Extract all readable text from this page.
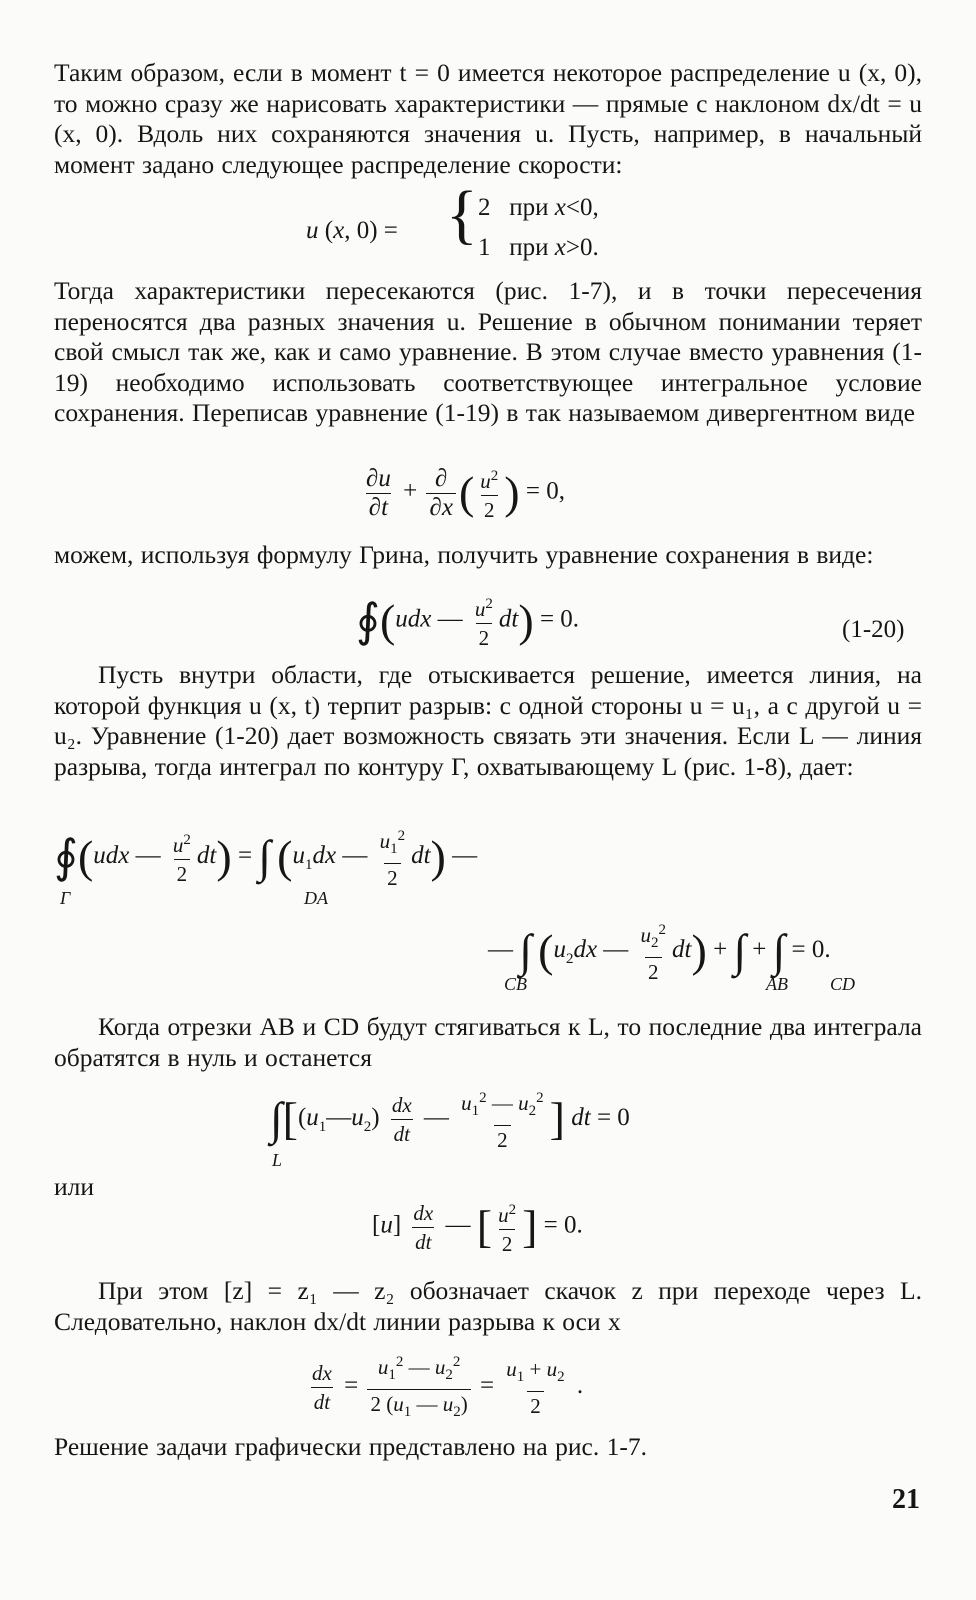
Таким образом, если в момент t = 0 имеется некоторое распределение u (x, 0), то можно сразу же нарисовать характеристики — прямые с наклоном dx/dt = u (x, 0). Вдоль них сохраняются значения u. Пусть, например, в начальный момент задано следующее распределение скорости:
u (x, 0) = { 2   при x<0,
1   при x>0.
Тогда характеристики пересекаются (рис. 1-7), и в точки пересечения переносятся два разных значения u. Решение в обычном понимании теряет свой смысл так же, как и само уравнение. В этом случае вместо уравнения (1-19) необходимо использовать соответствующее интегральное условие сохранения. Переписав уравнение (1-19) в так называемом дивергентном виде
$\frac{\partial u}{\partial t} + \frac{\partial}{\partial x}$ ( $\frac{u^2}{2}$ ) = 0,
можем, используя формулу Грина, получить уравнение сохранения в виде:
∮(udx — $\frac{u^2}{2} dt) = 0$.	(1-20)
Пусть внутри области, где отыскивается решение, имеется линия, на которой функция u (x, t) терпит разрыв: с одной стороны u = u₁, а с другой u = u₂. Уравнение (1-20) дает возможность связать эти значения. Если L — линия разрыва, тогда интеграл по контуру Г, охватывающему L (рис. 1-8), дает:
∮(udx — $\frac{u^2}{2} dt$) = ∫ ($u_1dx$ — $\frac{u_1^2}{2} dt$) —
Г	DA
— ∫ ($u_2dx$ — $\frac{u_2^2}{2} dt$) + ∫ + ∫ = 0.
CB	AB CD
Когда отрезки AB и CD будут стягиваться к L, то последние два интеграла обратятся в нуль и останется
$\int[(u_1—u_2) \frac{dx}{dt}$ — $\frac{u_1^2 — u_2^2}{2}$ ] dt = 0
L
или
$[u] \frac{dx}{dt}$ — [ $\frac{u^2}{2}$ ] = 0.
При этом [z] = z₁ — z₂ обозначает скачок z при переходе через L. Следовательно, наклон dx/dt линии разрыва к оси x
$\frac{dx}{dt} = \frac{u_1^2 — u_2^2}{2 (u_1 — u_2)} = \frac{u_1 + u_2}{2}$ .
Решение задачи графически представлено на рис. 1-7.
21
